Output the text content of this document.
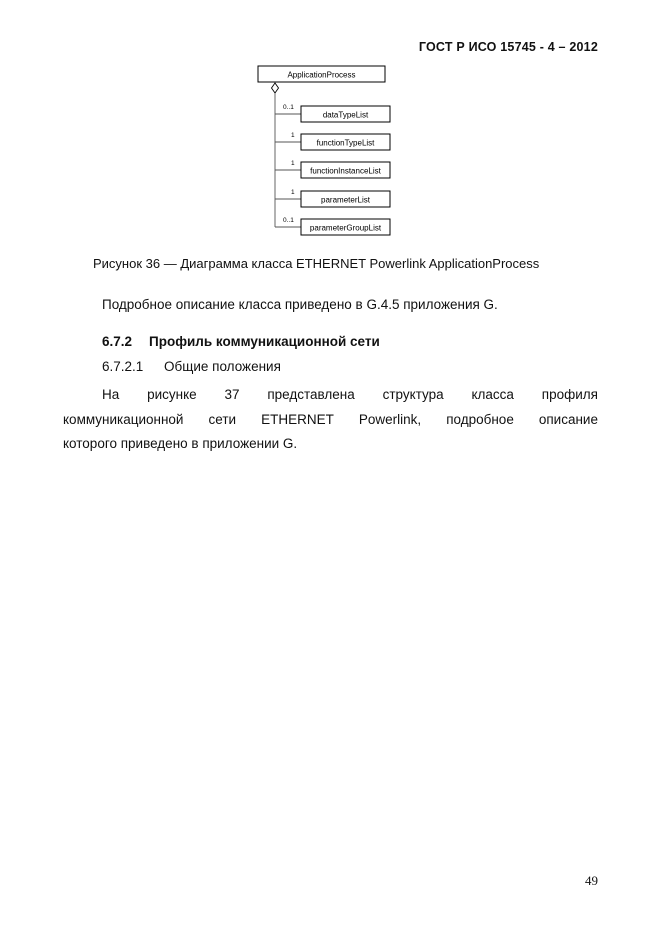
ГОСТ Р ИСО 15745 - 4 – 2012
ApplicationProcess
0..1
dataTypeList
1
functionTypeList
1
functionInstanceList
1
parameterList
0..1
parameterGroupList
Рисунок 36 — Диаграмма класса ETHERNET Powerlink ApplicationProcess
Подробное описание класса приведено в G.4.5 приложения G.
6.7.2 Профиль коммуникационной сети
6.7.2.1 Общие положения
На рисунке 37 представлена структура класса профиля
коммуникационной сети ETHERNET Powerlink, подробное описание
которого приведено в приложении G.
49
